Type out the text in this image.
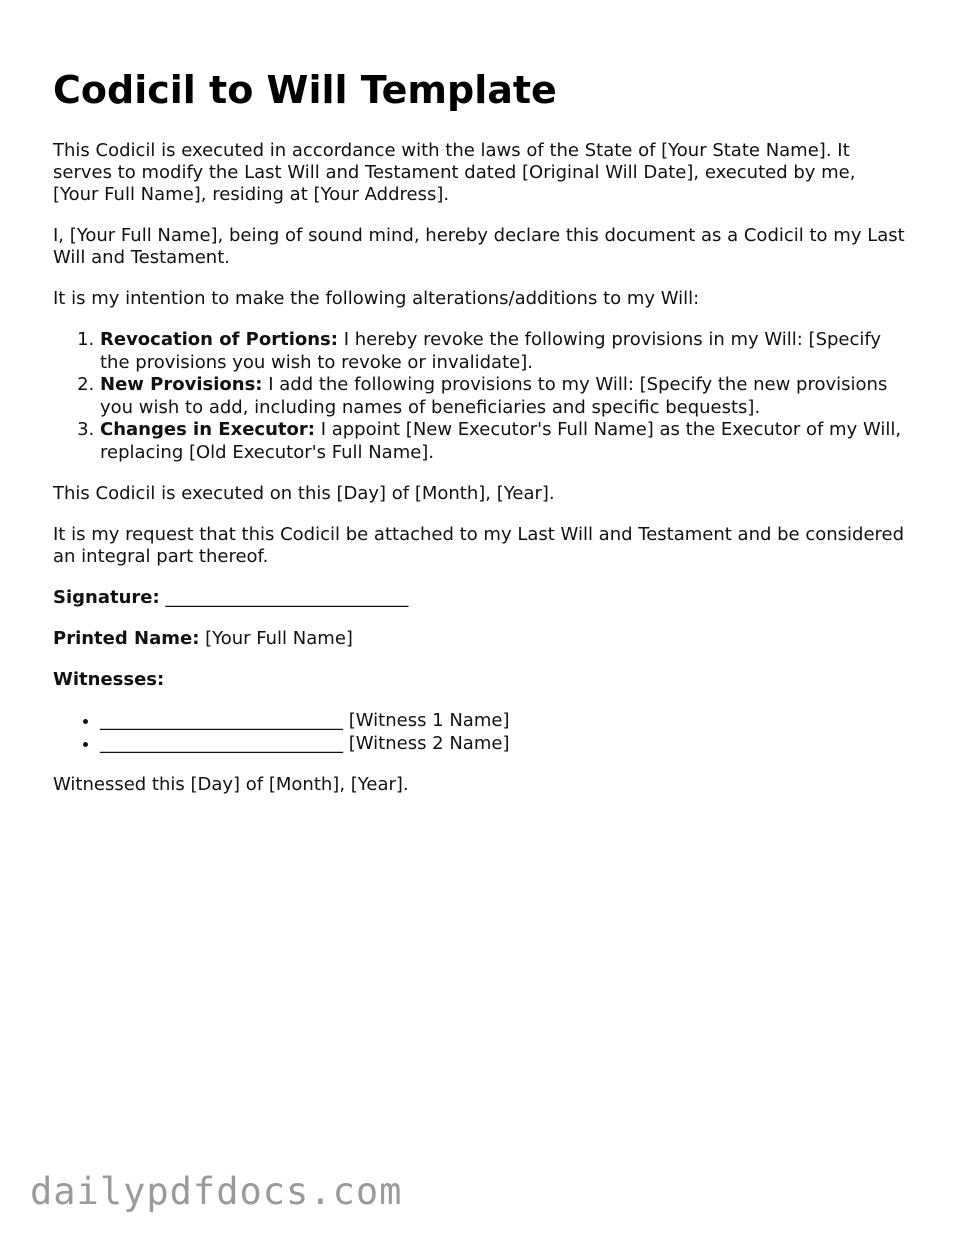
Codicil to Will Template

This Codicil is executed in accordance with the laws of the State of [Your State Name]. It serves to modify the Last Will and Testament dated [Original Will Date], executed by me, [Your Full Name], residing at [Your Address].

I, [Your Full Name], being of sound mind, hereby declare this document as a Codicil to my Last Will and Testament.

It is my intention to make the following alterations/additions to my Will:

1. Revocation of Portions: I hereby revoke the following provisions in my Will: [Specify the provisions you wish to revoke or invalidate].
2. New Provisions: I add the following provisions to my Will: [Specify the new provisions you wish to add, including names of beneficiaries and specific bequests].
3. Changes in Executor: I appoint [New Executor's Full Name] as the Executor of my Will, replacing [Old Executor's Full Name].

This Codicil is executed on this [Day] of [Month], [Year].

It is my request that this Codicil be attached to my Last Will and Testament and be considered an integral part thereof.

Signature: ___________________________

Printed Name: [Your Full Name]

Witnesses:

• ___________________________ [Witness 1 Name]
• ___________________________ [Witness 2 Name]

Witnessed this [Day] of [Month], [Year].

dailypdfdocs.com
